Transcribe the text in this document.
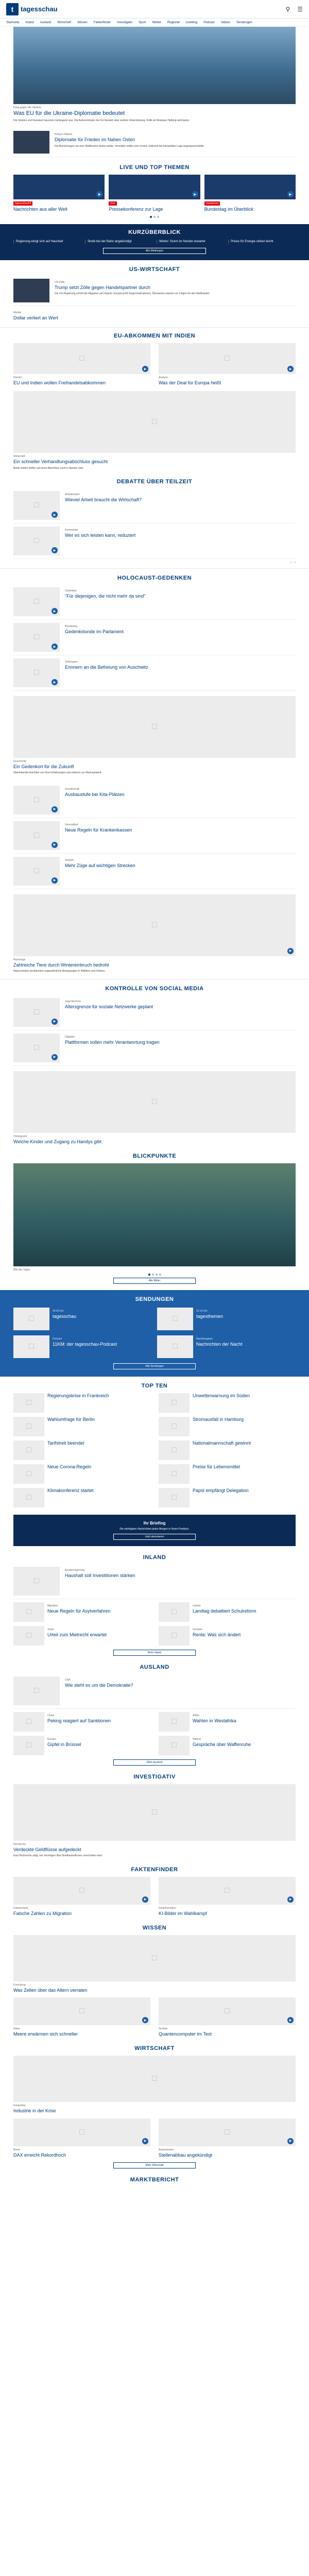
t	tagesschau	⚲ ☰
Startseite Inland Ausland Wirtschaft Wissen Faktenfinder Investigativ Sport Wetter Regional Liveblog Podcast Videos Sendungen
Krieg gegen die Ukraine
Was EU für die Ukraine-Diplomatie bedeutet
Die Ukraine und Russland tauschen Gefangene aus. Die Außenminister der EU beraten über weitere Unterstützung. Kritik an Moskaus Haltung wird lauter.
Krieg in Nahost
Diplomatie für Frieden im Nahen Osten
Die Bemühungen um eine Waffenruhe laufen weiter. Vermittler treffen sich erneut, während die humanitäre Lage angespannt bleibt.
LIVE UND TOP THEMEN
▶
tagesschau24
Nachrichten aus aller Welt
▶
Live
Pressekonferenz zur Lage
▶
Livestream
Bundestag im Überblick
KURZÜBERBLICK
Regierung einigt sich auf Haushalt	Streik bei der Bahn angekündigt	Wetter: Sturm im Norden erwartet	Preise für Energie sinken leicht
Alle Meldungen
US-WIRTSCHAFT
US-Zölle
Trump setzt Zölle gegen Handelspartner durch
Die US-Regierung erhöht die Abgaben auf Importe. Europa prüft Gegenmaßnahmen, Ökonomen warnen vor Folgen für den Welthandel.
Märkte
Dollar verliert an Wert
EU-ABKOMMEN MIT INDIEN
□
▶
Handel
EU und Indien wollen Freihandelsabkommen
□
▶
Analyse
Was der Deal für Europa heißt
□
Wirtschaft
Ein schneller Verhandlungsabschluss gesucht
Beide Seiten hoffen auf einen Abschluss noch in diesem Jahr.
DEBATTE ÜBER TEILZEIT
□
▶
Arbeitsmarkt
Wieviel Arbeit braucht die Wirtschaft?
□
▶
Kommentar
Wer es sich leisten kann, reduziert
‹ ›
HOLOCAUST-GEDENKEN
□
▶
Gedenken
"Für diejenigen, die nicht mehr da sind"
□
▶
Bundestag
Gedenkstunde im Parlament
□
▶
Zeitzeugen
Erinnern an die Befreiung von Auschwitz
□
Geschichte
Ein Gedenkort für die Zukunft
Überlebende berichten von ihren Erfahrungen und mahnen zur Wachsamkeit.
□
▶
Gesellschaft
Ausbaustufe bei Kita-Plätzen
□
▶
Gesundheit
Neue Regeln für Krankenkassen
□
▶
Verkehr
Mehr Züge auf wichtigen Strecken
□
▶
Reportage
Zahlreiche Tiere durch Wintereinbruch bedroht
Naturschützer beobachten ungewöhnliche Bewegungen in Wäldern und Feldern.
KONTROLLE VON SOCIAL MEDIA
□
▶
Jugendschutz
Altersgrenze für soziale Netzwerke geplant
□
▶
Digitales
Plattformen sollen mehr Verantwortung tragen
□
Hintergrund
Welche Kinder und Zugang zu Handys gibt
BLICKPUNKTE
Bild des Tages
Alle Bilder
SENDUNGEN
□
20:00 Uhr
tagesschau	□
22:15 Uhr
tagesthemen
□
Podcast
11KM: der tagesschau-Podcast	□
Nachtmagazin
Nachrichten der Nacht
Alle Sendungen
TOP TEN
□
Regierungskrise in Frankreich
□
Unwetterwarnung im Süden
□
Wahlumfrage für Berlin
□
Stromausfall in Hamburg
□
Tarifstreit beendet
□
Nationalmannschaft gewinnt
□
Neue Corona-Regeln
□
Preise für Lebensmittel
□
Klimakonferenz startet
□
Papst empfängt Delegation
Ihr Briefing
Die wichtigsten Nachrichten jeden Morgen in Ihrem Postfach.
Jetzt abonnieren
INLAND
□
Bundesregierung
Haushalt soll Investitionen stärken
□
Migration
Neue Regeln für Asylverfahren	□
Länder
Landtag debattiert Schulreform
□
Justiz
Urteil zum Mietrecht erwartet	□
Soziales
Rente: Was sich ändert
Mehr Inland
AUSLAND
□
USA
Wie steht es um die Demokratie?
□
China
Peking reagiert auf Sanktionen	□
Afrika
Wahlen in Westafrika
□
Europa
Gipfel in Brüssel	□
Nahost
Gespräche über Waffenruhe
Mehr Ausland
INVESTIGATIV
□
Recherche
Verdeckte Geldflüsse aufgedeckt
Eine Recherche zeigt, wie Vermögen über Briefkastenfirmen verschoben wird.
FAKTENFINDER
□
▶
Faktencheck
Falsche Zahlen zu Migration
□
▶
Desinformation
KI-Bilder im Wahlkampf
WISSEN
□
Forschung
Was Zellen über das Altern verraten
□
▶
Klima
Meere erwärmen sich schneller
□
▶
Technik
Quantencomputer im Test
WIRTSCHAFT
□
Konjunktur
Industrie in der Krise
□
▶
Börse
DAX erreicht Rekordhoch
□
▶
Autoindustrie
Stellenabbau angekündigt
Mehr Wirtschaft
MARKTBERICHT
